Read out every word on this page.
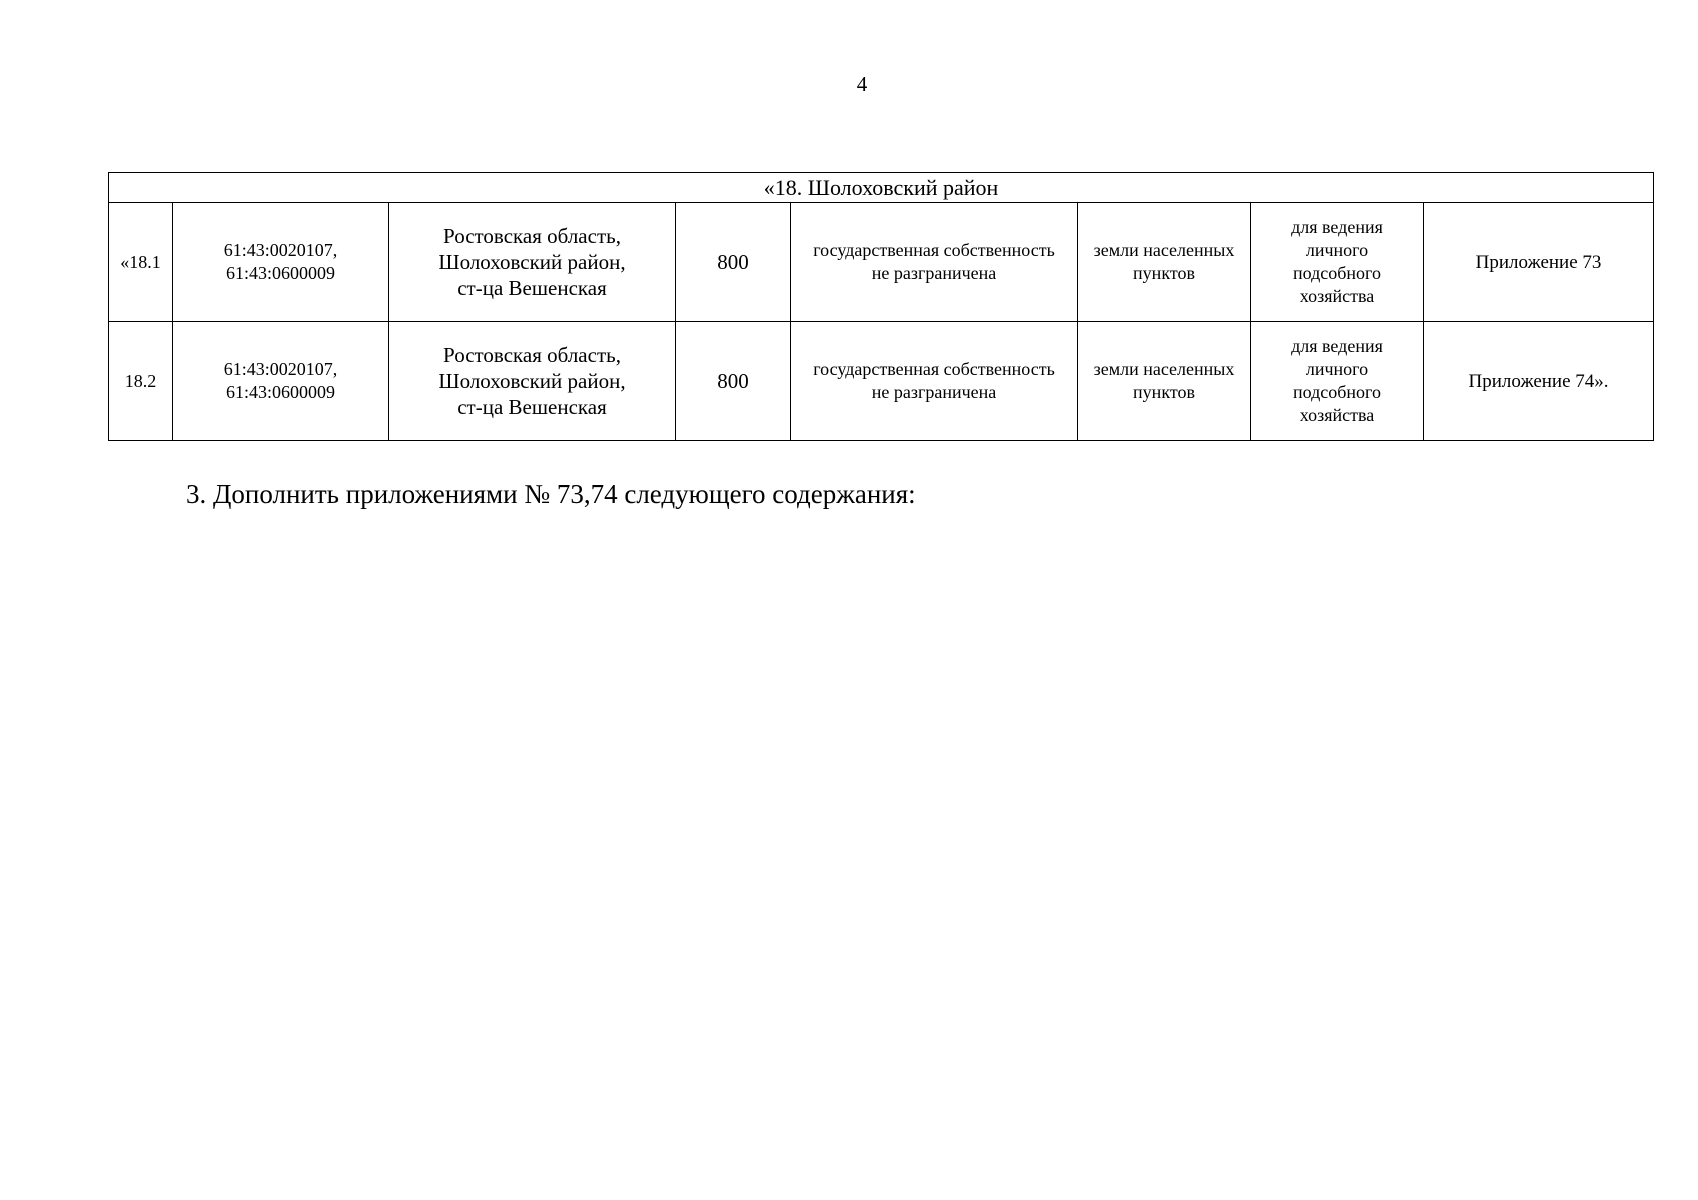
4
«18. Шолоховский район							
«18.1	61:43:0020107,
61:43:0600009	Ростовская область,
Шолоховский район,
ст-ца Вешенская	800	государственная собственность
не разграничена	земли населенных
пунктов	для ведения
личного
подсобного
хозяйства	Приложение 73
18.2	61:43:0020107,
61:43:0600009	Ростовская область,
Шолоховский район,
ст-ца Вешенская	800	государственная собственность
не разграничена	земли населенных
пунктов	для ведения
личного
подсобного
хозяйства	Приложение 74».
3. Дополнить приложениями № 73,74 следующего содержания:
